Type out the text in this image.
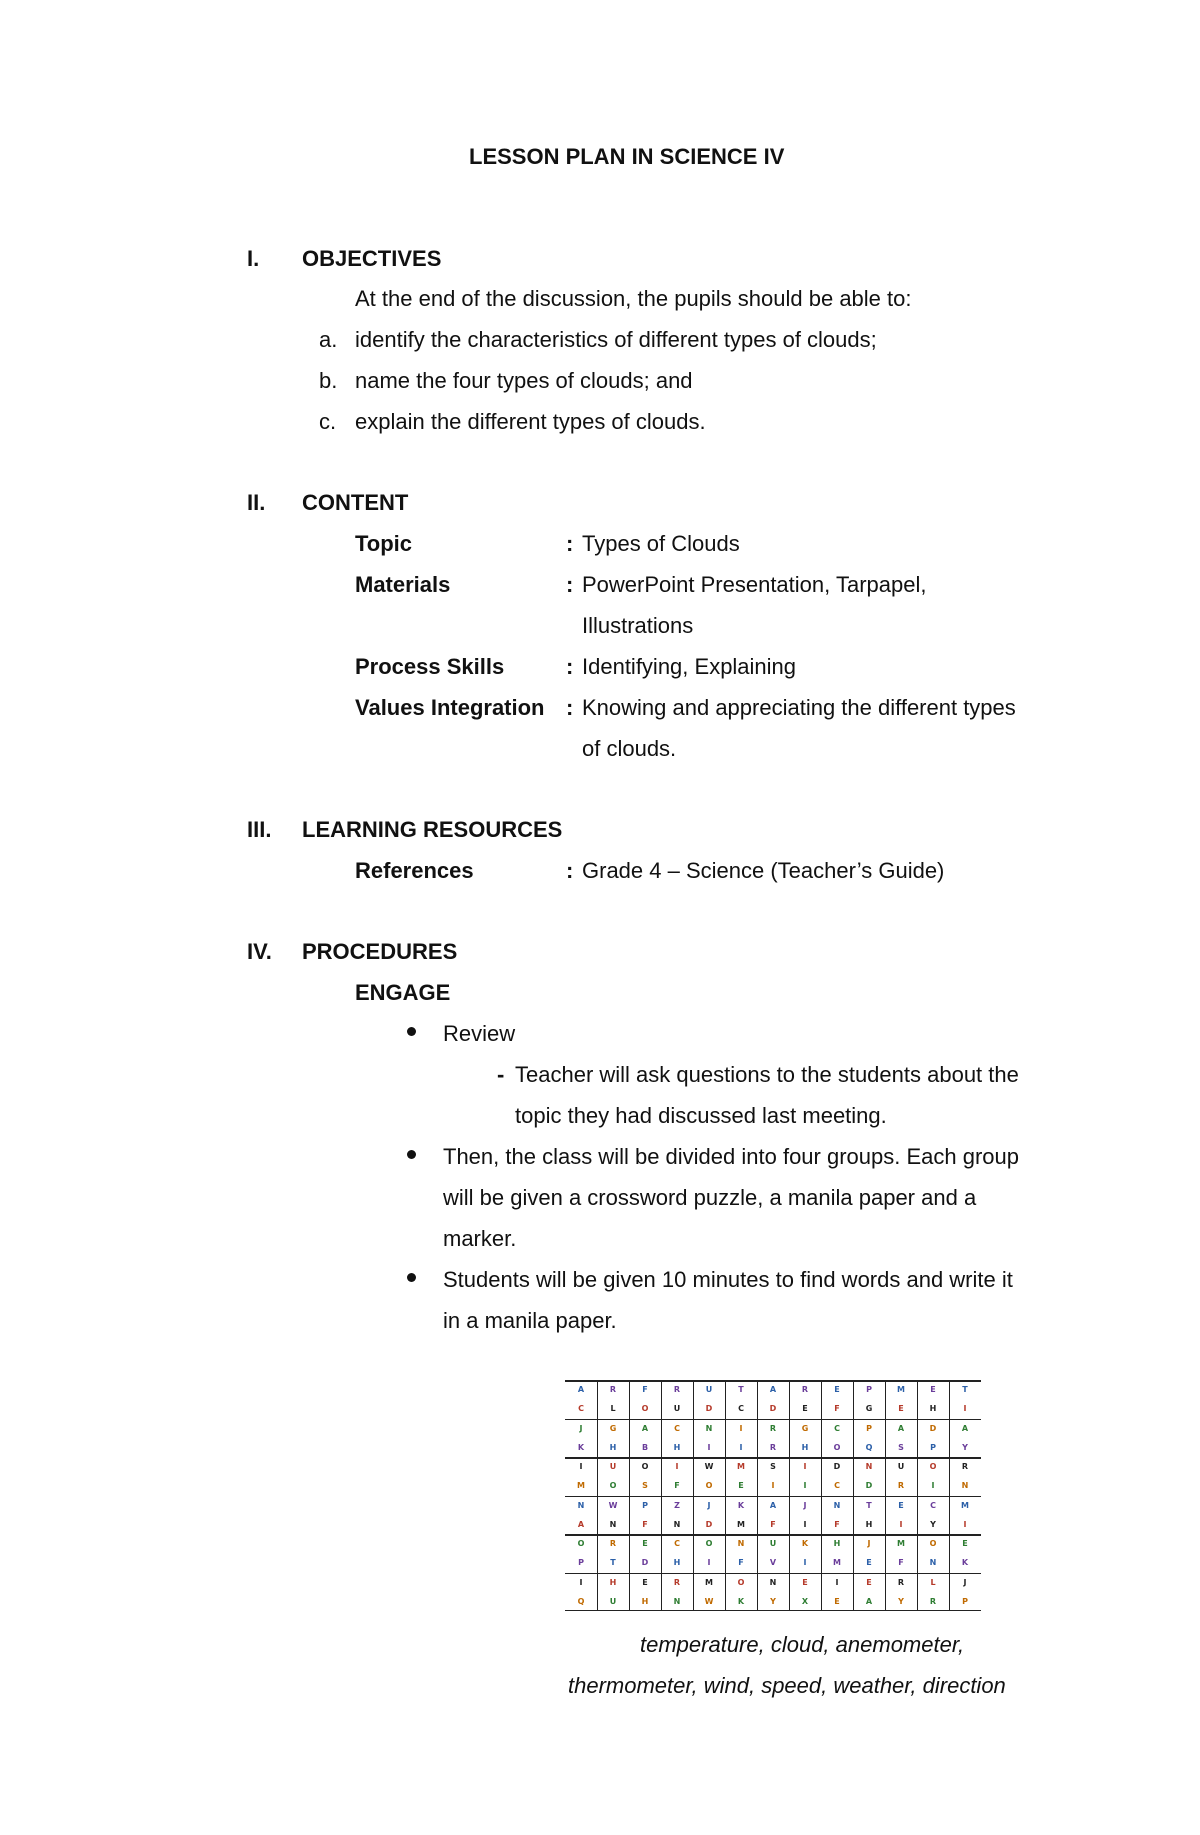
LESSON PLAN IN SCIENCE IV
I. OBJECTIVES
At the end of the discussion, the pupils should be able to:
a. identify the characteristics of different types of clouds;
b. name the four types of clouds; and
c. explain the different types of clouds.
II. CONTENT
Topic	: Types of Clouds
Materials	: PowerPoint Presentation, Tarpapel,
Illustrations
Process Skills	: Identifying, Explaining
Values Integration : Knowing and appreciating the different types
of clouds.
III. LEARNING RESOURCES
References	: Grade 4 – Science (Teacher’s Guide)
IV. PROCEDURES
ENGAGE
Review
- Teacher will ask questions to the students about the
topic they had discussed last meeting.
Then, the class will be divided into four groups. Each group
will be given a crossword puzzle, a manila paper and a
marker.
Students will be given 10 minutes to find words and write it
in a manila paper.
A	R	F	R	U	T	A	R	E	P	M	E	T
C	L	O	U	D	C	D	E	F	G	E	H	I
J	G	A	C	N	I	R	G	C	P	A	D	A
K	H	B	H	I	I	R	H	O	Q	S	P	Y
I	U	O	I	W	M	S	I	D	N	U	O	R
M	O	S	F	O	E	I	I	C	D	R	I	N
N	W	P	Z	J	K	A	J	N	T	E	C	M
A	N	F	N	D	M	F	I	F	H	I	Y	I
O	R	E	C	O	N	U	K	H	J	M	O	E
P	T	D	H	I	F	V	I	M	E	F	N	K
I	H	E	R	M	O	N	E	I	E	R	L	J
Q	U	H	N	W	K	Y	X	E	A	Y	R	P
temperature, cloud, anemometer,
thermometer, wind, speed, weather, direction
